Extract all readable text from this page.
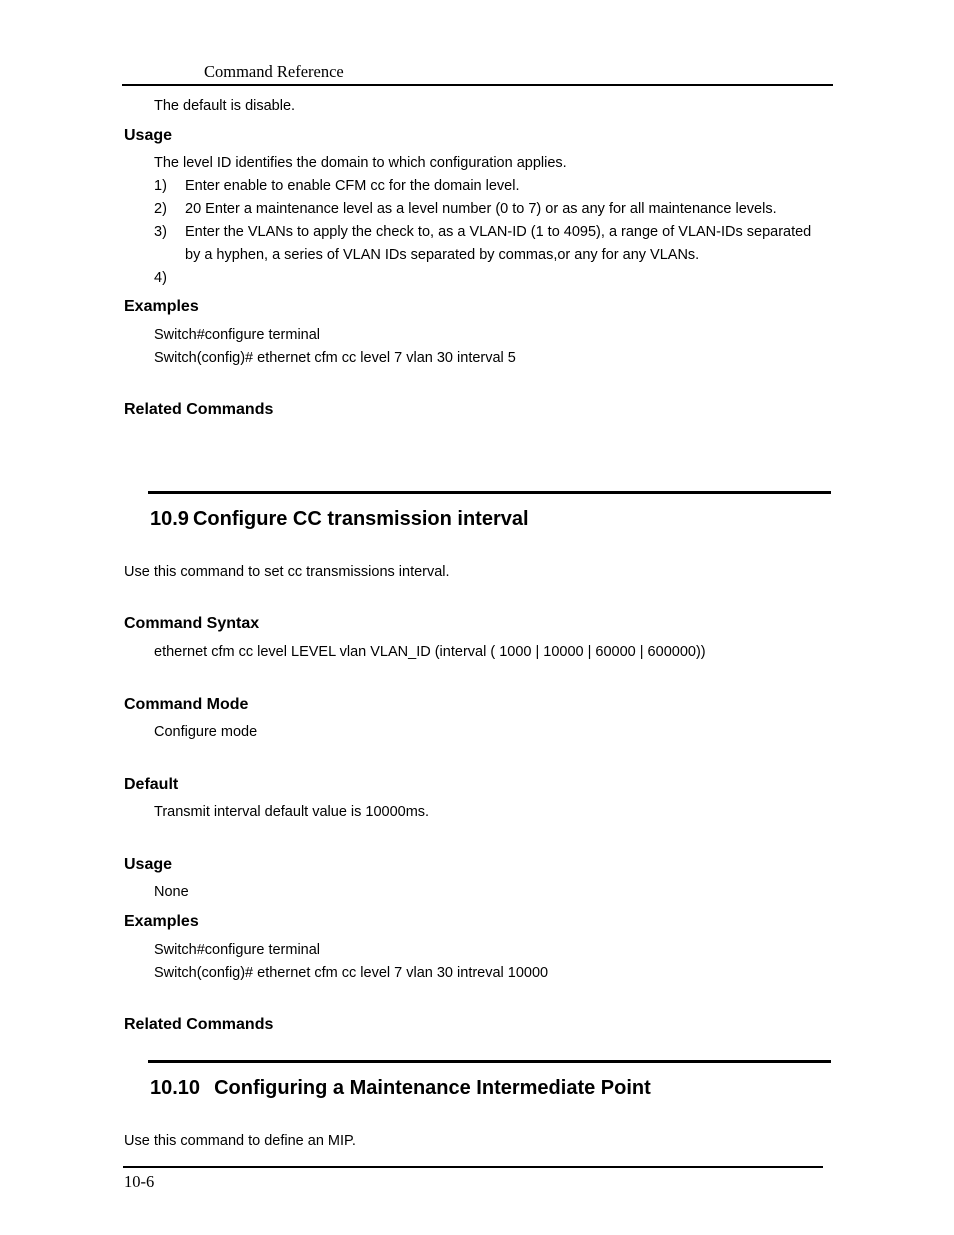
Command Reference
The default is disable.
Usage
The level ID identifies the domain to which configuration applies.
1) Enter enable to enable CFM cc for the domain level.
2) 20 Enter a maintenance level as a level number (0 to 7) or as any for all maintenance levels.
3) Enter the VLANs to apply the check to, as a VLAN-ID (1 to 4095), a range of VLAN-IDs separated
by a hyphen, a series of VLAN IDs separated by commas,or any for any VLANs.
4)
Examples
Switch#configure terminal
Switch(config)# ethernet cfm cc level 7 vlan 30 interval 5
Related Commands
10.9 Configure CC transmission interval
Use this command to set cc transmissions interval.
Command Syntax
ethernet cfm cc level LEVEL vlan VLAN_ID (interval ( 1000 | 10000 | 60000 | 600000))
Command Mode
Configure mode
Default
Transmit interval default value is 10000ms.
Usage
None
Examples
Switch#configure terminal
Switch(config)# ethernet cfm cc level 7 vlan 30 intreval 10000
Related Commands
10.10 Configuring a Maintenance Intermediate Point
Use this command to define an MIP.
10-6
